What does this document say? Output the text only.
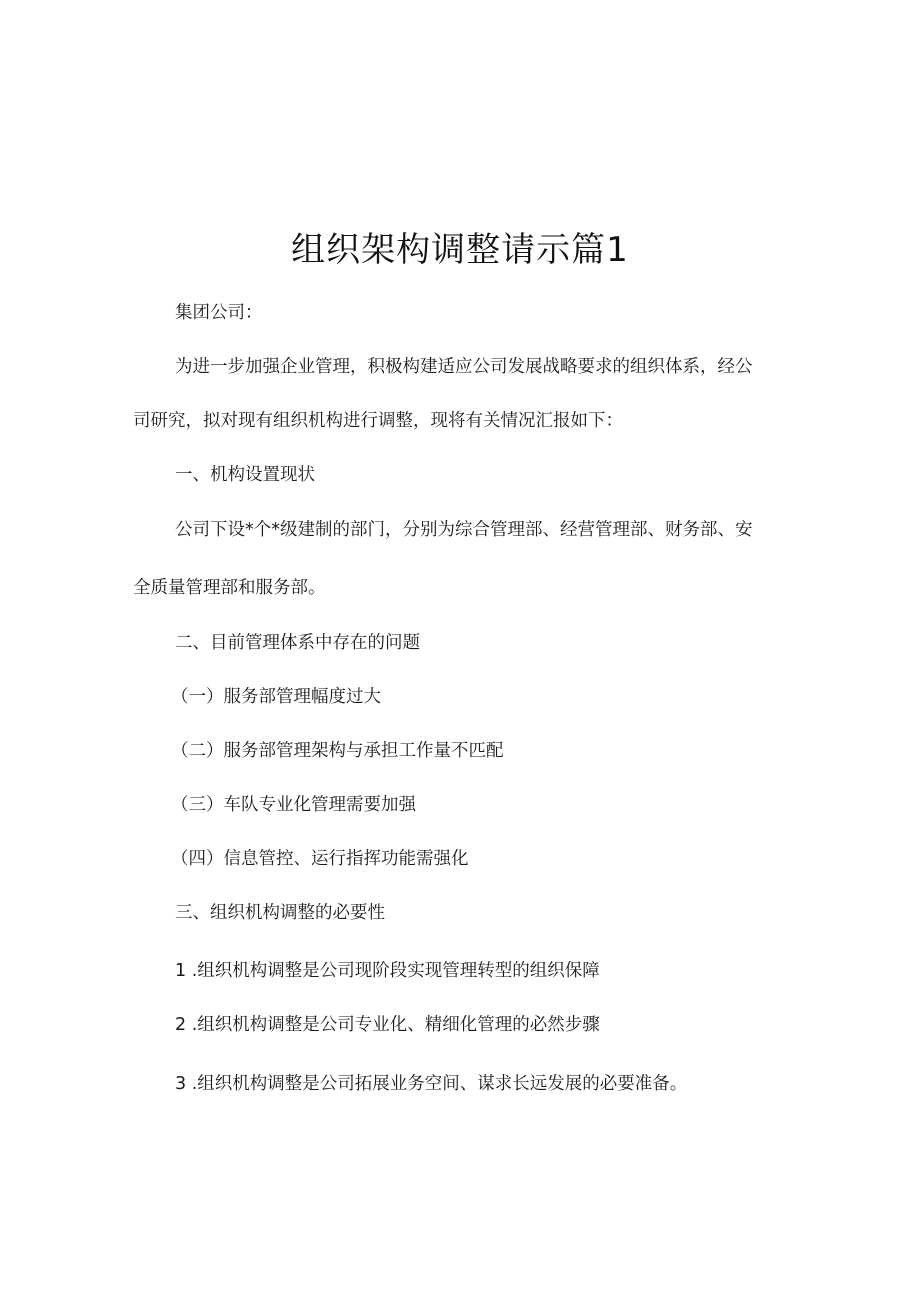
组织架构调整请示篇1
集团公司：
为进一步加强企业管理，积极构建适应公司发展战略要求的组织体系，经公
司研究，拟对现有组织机构进行调整，现将有关情况汇报如下：
一、机构设置现状
公司下设*个*级建制的部门，分别为综合管理部、经营管理部、财务部、安
全质量管理部和服务部。
二、目前管理体系中存在的问题
（一）服务部管理幅度过大
（二）服务部管理架构与承担工作量不匹配
（三）车队专业化管理需要加强
（四）信息管控、运行指挥功能需强化
三、组织机构调整的必要性
1 .组织机构调整是公司现阶段实现管理转型的组织保障
2 .组织机构调整是公司专业化、精细化管理的必然步骤
3 .组织机构调整是公司拓展业务空间、谋求长远发展的必要准备。
